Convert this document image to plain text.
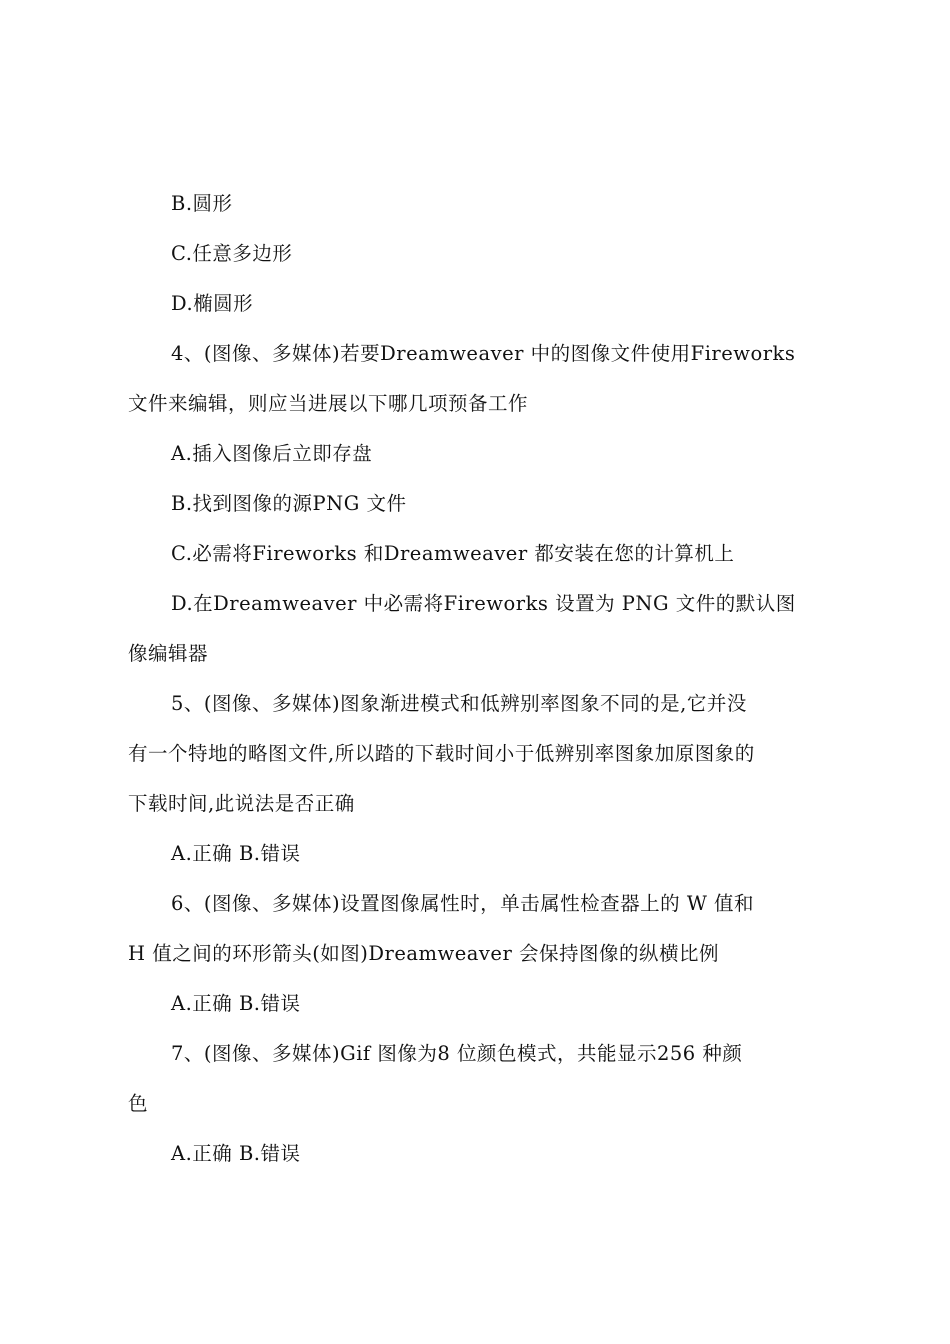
B.圆形
C.任意多边形
D.椭圆形
4、(图像、多媒体)若要Dreamweaver 中的图像文件使用Fireworks
文件来编辑，则应当进展以下哪几项预备工作
A.插入图像后立即存盘
B.找到图像的源PNG 文件
C.必需将Fireworks 和Dreamweaver 都安装在您的计算机上
D.在Dreamweaver 中必需将Fireworks 设置为 PNG 文件的默认图
像编辑器
5、(图像、多媒体)图象渐进模式和低辨别率图象不同的是,它并没
有一个特地的略图文件,所以踏的下载时间小于低辨别率图象加原图象的
下载时间,此说法是否正确
A.正确 B.错误
6、(图像、多媒体)设置图像属性时，单击属性检查器上的 W 值和
H 值之间的环形箭头(如图)Dreamweaver 会保持图像的纵横比例
A.正确 B.错误
7、(图像、多媒体)Gif 图像为8 位颜色模式，共能显示256 种颜
色
A.正确 B.错误
